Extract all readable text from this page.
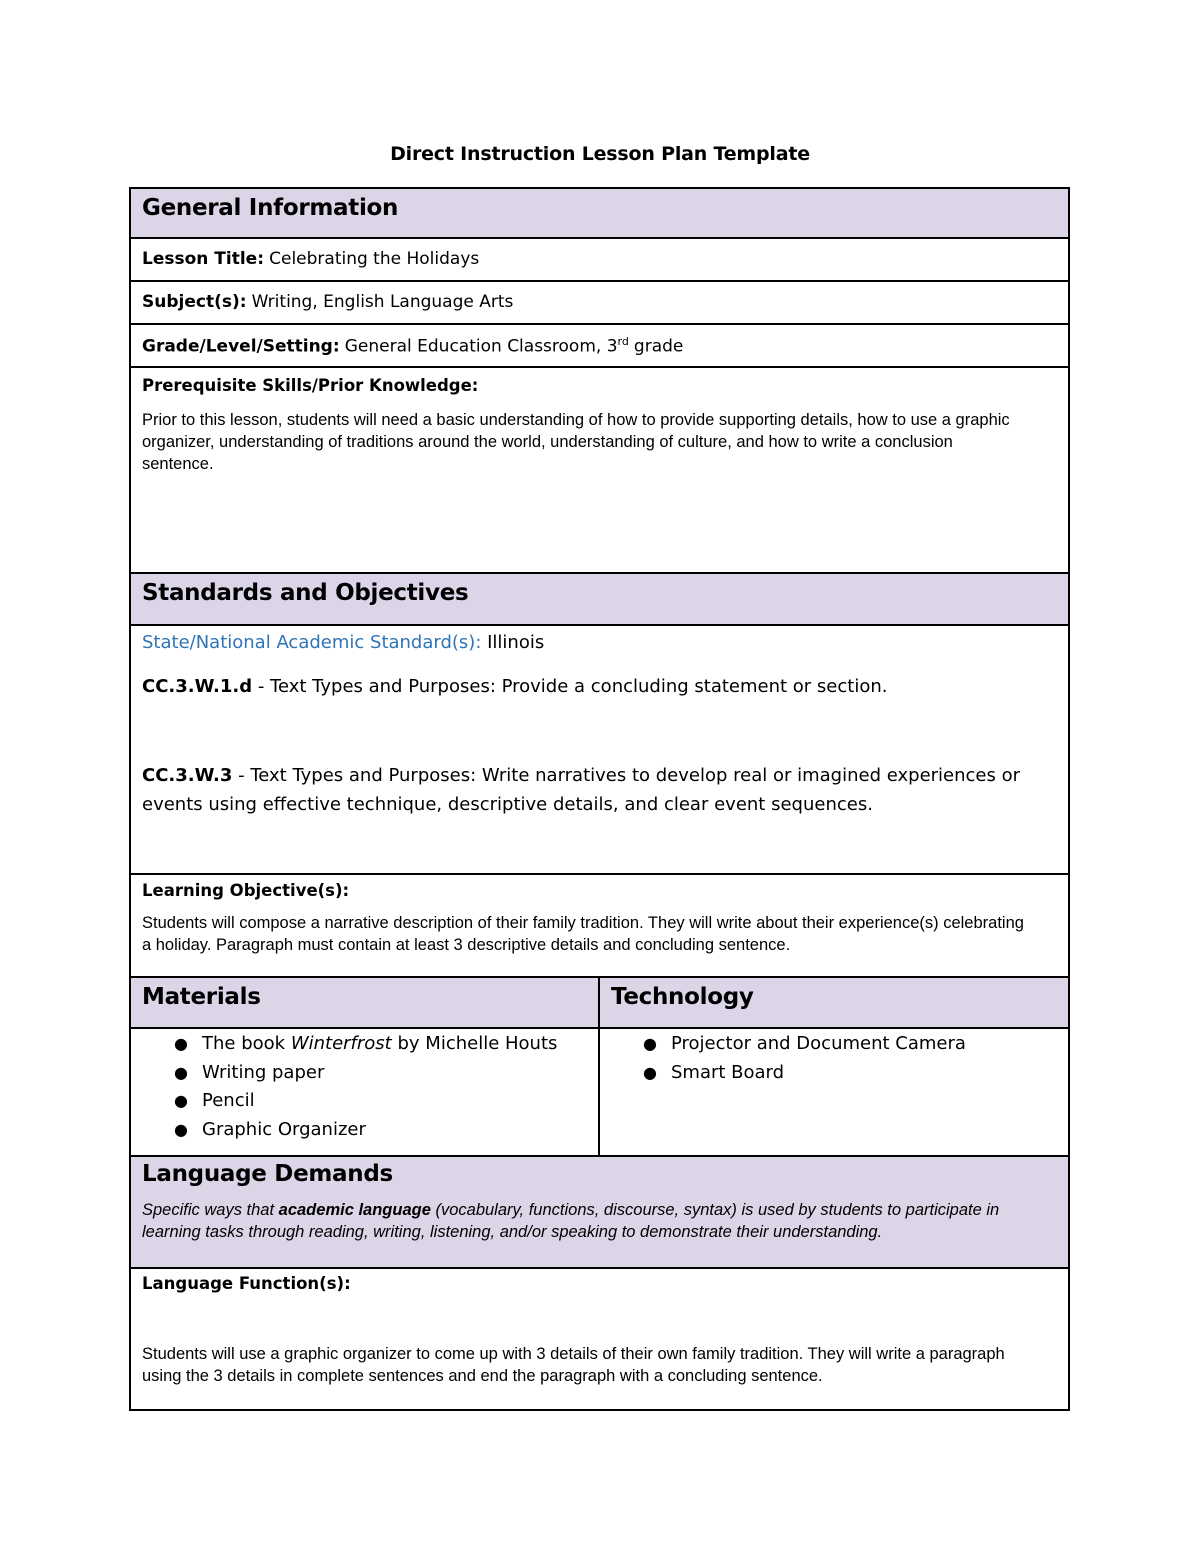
Direct Instruction Lesson Plan Template
General Information
Lesson Title: Celebrating the Holidays
Subject(s): Writing, English Language Arts
Grade/Level/Setting: General Education Classroom, 3rd grade
Prerequisite Skills/Prior Knowledge:
Prior to this lesson, students will need a basic understanding of how to provide supporting details, how to use a graphic organizer, understanding of traditions around the world, understanding of culture, and how to write a conclusion sentence.
Standards and Objectives
State/National Academic Standard(s): Illinois
CC.3.W.1.d - Text Types and Purposes: Provide a concluding statement or section.
CC.3.W.3 - Text Types and Purposes: Write narratives to develop real or imagined experiences or events using effective technique, descriptive details, and clear event sequences.
Learning Objective(s):
Students will compose a narrative description of their family tradition. They will write about their experience(s) celebrating a holiday. Paragraph must contain at least 3 descriptive details and concluding sentence.
Materials	Technology
● The book Winterfrost by Michelle Houts
● Writing paper
● Pencil
● Graphic Organizer
● Projector and Document Camera
● Smart Board
Language Demands
Specific ways that academic language (vocabulary, functions, discourse, syntax) is used by students to participate in learning tasks through reading, writing, listening, and/or speaking to demonstrate their understanding.
Language Function(s):
Students will use a graphic organizer to come up with 3 details of their own family tradition. They will write a paragraph using the 3 details in complete sentences and end the paragraph with a concluding sentence.
